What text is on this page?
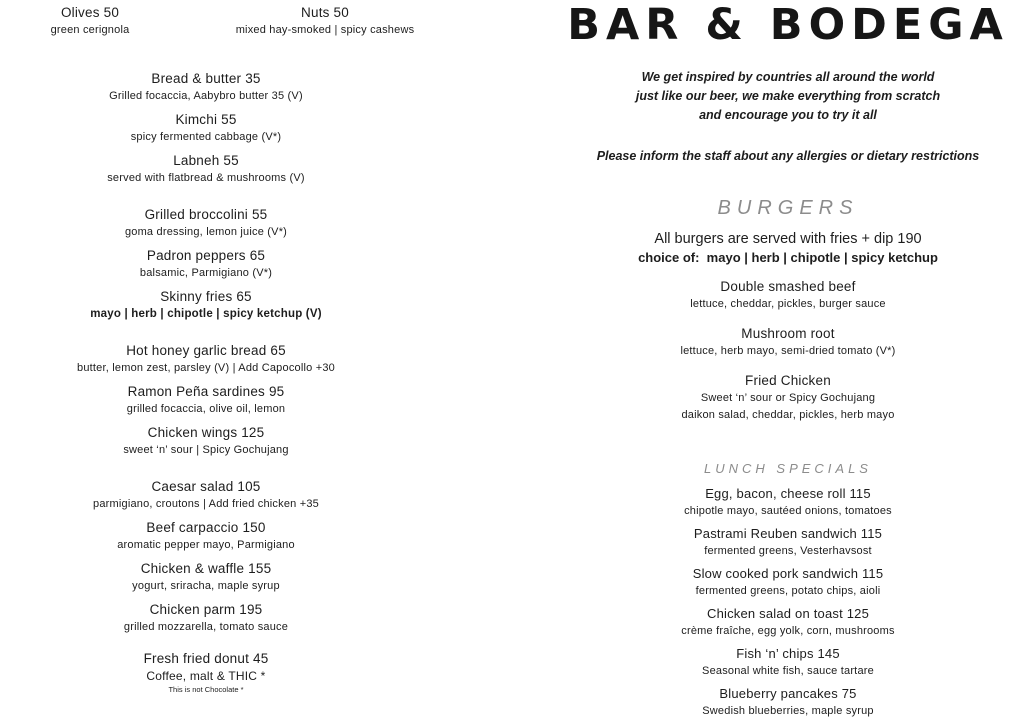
Olives 50
green cerignola
Nuts 50
mixed hay-smoked | spicy cashews
Bread & butter 35
Grilled focaccia, Aabybro butter 35 (V)
Kimchi 55
spicy fermented cabbage (V*)
Labneh 55
served with flatbread & mushrooms (V)
Grilled broccolini 55
goma dressing, lemon juice (V*)
Padron peppers 65
balsamic, Parmigiano (V*)
Skinny fries 65
mayo | herb | chipotle | spicy ketchup (V)
Hot honey garlic bread 65
butter, lemon zest, parsley (V) | Add Capocollo +30
Ramon Peña sardines 95
grilled focaccia, olive oil, lemon
Chicken wings 125
sweet ‘n’ sour | Spicy Gochujang
Caesar salad 105
parmigiano, croutons | Add fried chicken +35
Beef carpaccio 150
aromatic pepper mayo, Parmigiano
Chicken & waffle 155
yogurt, sriracha, maple syrup
Chicken parm 195
grilled mozzarella, tomato sauce
Fresh fried donut 45
Coffee, malt & THIC *
This is not Chocolate *
BAR & BODEGA
We get inspired by countries all around the world
just like our beer, we make everything from scratch
and encourage you to try it all
Please inform the staff about any allergies or dietary restrictions
BURGERS
All burgers are served with fries + dip 190
choice of:  mayo | herb | chipotle | spicy ketchup
Double smashed beef
lettuce, cheddar, pickles, burger sauce
Mushroom root
lettuce, herb mayo, semi-dried tomato (V*)
Fried Chicken
Sweet ‘n’ sour or Spicy Gochujang
daikon salad, cheddar, pickles, herb mayo
LUNCH SPECIALS
Egg, bacon, cheese roll 115
chipotle mayo, sautéed onions, tomatoes
Pastrami Reuben sandwich 115
fermented greens, Vesterhavsost
Slow cooked pork sandwich 115
fermented greens, potato chips, aioli
Chicken salad on toast 125
crème fraîche, egg yolk, corn, mushrooms
Fish ‘n’ chips 145
Seasonal white fish, sauce tartare
Blueberry pancakes 75
Swedish blueberries, maple syrup
